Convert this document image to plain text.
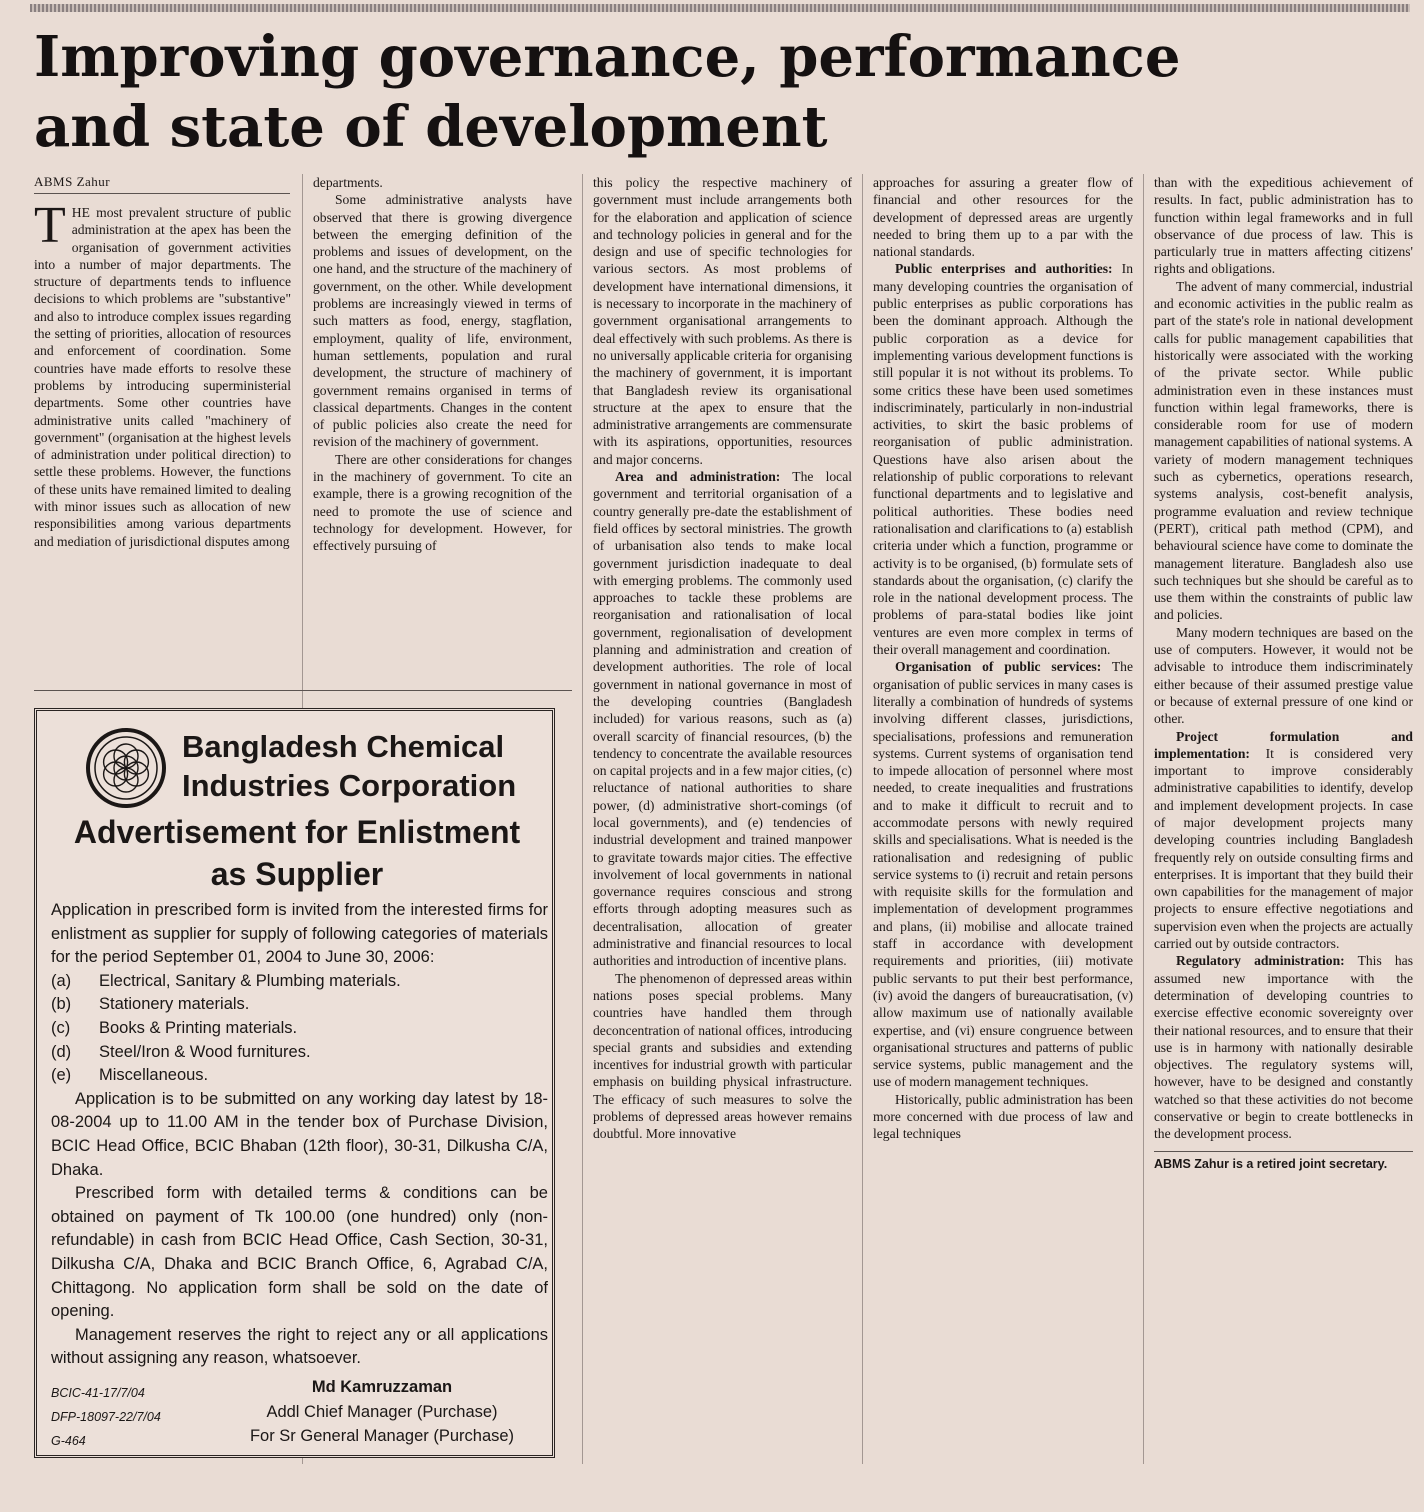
Improving governance, performance and state of development
ABMS Zahur

THE most prevalent structure of public administration at the apex has been the organisation of government activities into a number of major departments. The structure of departments tends to influence decisions to which problems are "substantive" and also to introduce complex issues regarding the setting of priorities, allocation of resources and enforcement of coordination. Some countries have made efforts to resolve these problems by introducing superministerial departments. Some other countries have administrative units called "machinery of government" (organisation at the highest levels of administration under political direction) to settle these problems. However, the functions of these units have remained limited to dealing with minor issues such as allocation of new responsibilities among various departments and mediation of jurisdictional disputes among

departments.

Some administrative analysts have observed that there is growing divergence between the emerging definition of the problems and issues of development, on the one hand, and the structure of the machinery of government, on the other. While development problems are increasingly viewed in terms of such matters as food, energy, stagflation, employment, quality of life, environment, human settlements, population and rural development, the structure of machinery of government remains organised in terms of classical departments. Changes in the content of public policies also create the need for revision of the machinery of government.

There are other considerations for changes in the machinery of government. To cite an example, there is a growing recognition of the need to promote the use of science and technology for development. However, for effectively pursuing of

this policy the respective machinery of government must include arrangements both for the elaboration and application of science and technology policies in general and for the design and use of specific technologies for various sectors. As most problems of development have international dimensions, it is necessary to incorporate in the machinery of government organisational arrangements to deal effectively with such problems. As there is no universally applicable criteria for organising the machinery of government, it is important that Bangladesh review its organisational structure at the apex to ensure that the administrative arrangements are commensurate with its aspirations, opportunities, resources and major concerns.

Area and administration: The local government and territorial organisation of a country generally pre-date the establishment of field offices by sectoral ministries. The growth of urbanisation also tends to make local government jurisdiction inadequate to deal with emerging problems. The commonly used approaches to tackle these problems are reorganisation and rationalisation of local government, regionalisation of development planning and administration and creation of development authorities. The role of local government in national governance in most of the developing countries (Bangladesh included) for various reasons, such as (a) overall scarcity of financial resources, (b) the tendency to concentrate the available resources on capital projects and in a few major cities, (c) reluctance of national authorities to share power, (d) administrative short-comings (of local governments), and (e) tendencies of industrial development and trained manpower to gravitate towards major cities. The effective involvement of local governments in national governance requires conscious and strong efforts through adopting measures such as decentralisation, allocation of greater administrative and financial resources to local authorities and introduction of incentive plans.

The phenomenon of depressed areas within nations poses special problems. Many countries have handled them through deconcentration of national offices, introducing special grants and subsidies and extending incentives for industrial growth with particular emphasis on building physical infrastructure. The efficacy of such measures to solve the problems of depressed areas however remains doubtful. More innovative

approaches for assuring a greater flow of financial and other resources for the development of depressed areas are urgently needed to bring them up to a par with the national standards.

Public enterprises and authorities: In many developing countries the organisation of public enterprises as public corporations has been the dominant approach. Although the public corporation as a device for implementing various development functions is still popular it is not without its problems. To some critics these have been used sometimes indiscriminately, particularly in non-industrial activities, to skirt the basic problems of reorganisation of public administration. Questions have also arisen about the relationship of public corporations to relevant functional departments and to legislative and political authorities. These bodies need rationalisation and clarifications to (a) establish criteria under which a function, programme or activity is to be organised, (b) formulate sets of standards about the organisation, (c) clarify the role in the national development process. The problems of para-statal bodies like joint ventures are even more complex in terms of their overall management and coordination.

Organisation of public services: The organisation of public services in many cases is literally a combination of hundreds of systems involving different classes, jurisdictions, specialisations, professions and remuneration systems. Current systems of organisation tend to impede allocation of personnel where most needed, to create inequalities and frustrations and to make it difficult to recruit and to accommodate persons with newly required skills and specialisations. What is needed is the rationalisation and redesigning of public service systems to (i) recruit and retain persons with requisite skills for the formulation and implementation of development programmes and plans, (ii) mobilise and allocate trained staff in accordance with development requirements and priorities, (iii) motivate public servants to put their best performance, (iv) avoid the dangers of bureaucratisation, (v) allow maximum use of nationally available expertise, and (vi) ensure congruence between organisational structures and patterns of public service systems, public management and the use of modern management techniques.

Historically, public administration has been more concerned with due process of law and legal techniques

than with the expeditious achievement of results. In fact, public administration has to function within legal frameworks and in full observance of due process of law. This is particularly true in matters affecting citizens' rights and obligations.

The advent of many commercial, industrial and economic activities in the public realm as part of the state's role in national development calls for public management capabilities that historically were associated with the working of the private sector. While public administration even in these instances must function within legal frameworks, there is considerable room for use of modern management capabilities of national systems. A variety of modern management techniques such as cybernetics, operations research, systems analysis, cost-benefit analysis, programme evaluation and review technique (PERT), critical path method (CPM), and behavioural science have come to dominate the management literature. Bangladesh also use such techniques but she should be careful as to use them within the constraints of public law and policies.

Many modern techniques are based on the use of computers. However, it would not be advisable to introduce them indiscriminately either because of their assumed prestige value or because of external pressure of one kind or other.

Project formulation and implementation: It is considered very important to improve considerably administrative capabilities to identify, develop and implement development projects. In case of major development projects many developing countries including Bangladesh frequently rely on outside consulting firms and enterprises. It is important that they build their own capabilities for the management of major projects to ensure effective negotiations and supervision even when the projects are actually carried out by outside contractors.

Regulatory administration: This has assumed new importance with the determination of developing countries to exercise effective economic sovereignty over their national resources, and to ensure that their use is in harmony with nationally desirable objectives. The regulatory systems will, however, have to be designed and constantly watched so that these activities do not become conservative or begin to create bottlenecks in the development process.

ABMS Zahur is a retired joint secretary.

Bangladesh Chemical
Industries Corporation
Advertisement for Enlistment
as Supplier

Application in prescribed form is invited from the interested firms for enlistment as supplier for supply of following categories of materials for the period September 01, 2004 to June 30, 2006:

(a)	Electrical, Sanitary & Plumbing materials.
(b)	Stationery materials.
(c)	Books & Printing materials.
(d)	Steel/Iron & Wood furnitures.
(e)	Miscellaneous.

Application is to be submitted on any working day latest by 18-08-2004 up to 11.00 AM in the tender box of Purchase Division, BCIC Head Office, BCIC Bhaban (12th floor), 30-31, Dilkusha C/A, Dhaka.

Prescribed form with detailed terms & conditions can be obtained on payment of Tk 100.00 (one hundred) only (non-refundable) in cash from BCIC Head Office, Cash Section, 30-31, Dilkusha C/A, Dhaka and BCIC Branch Office, 6, Agrabad C/A, Chittagong. No application form shall be sold on the date of opening.

Management reserves the right to reject any or all applications without assigning any reason, whatsoever.

BCIC-41-17/7/04
DFP-18097-22/7/04
G-464
Md Kamruzzaman
Addl Chief Manager (Purchase)
For Sr General Manager (Purchase)
